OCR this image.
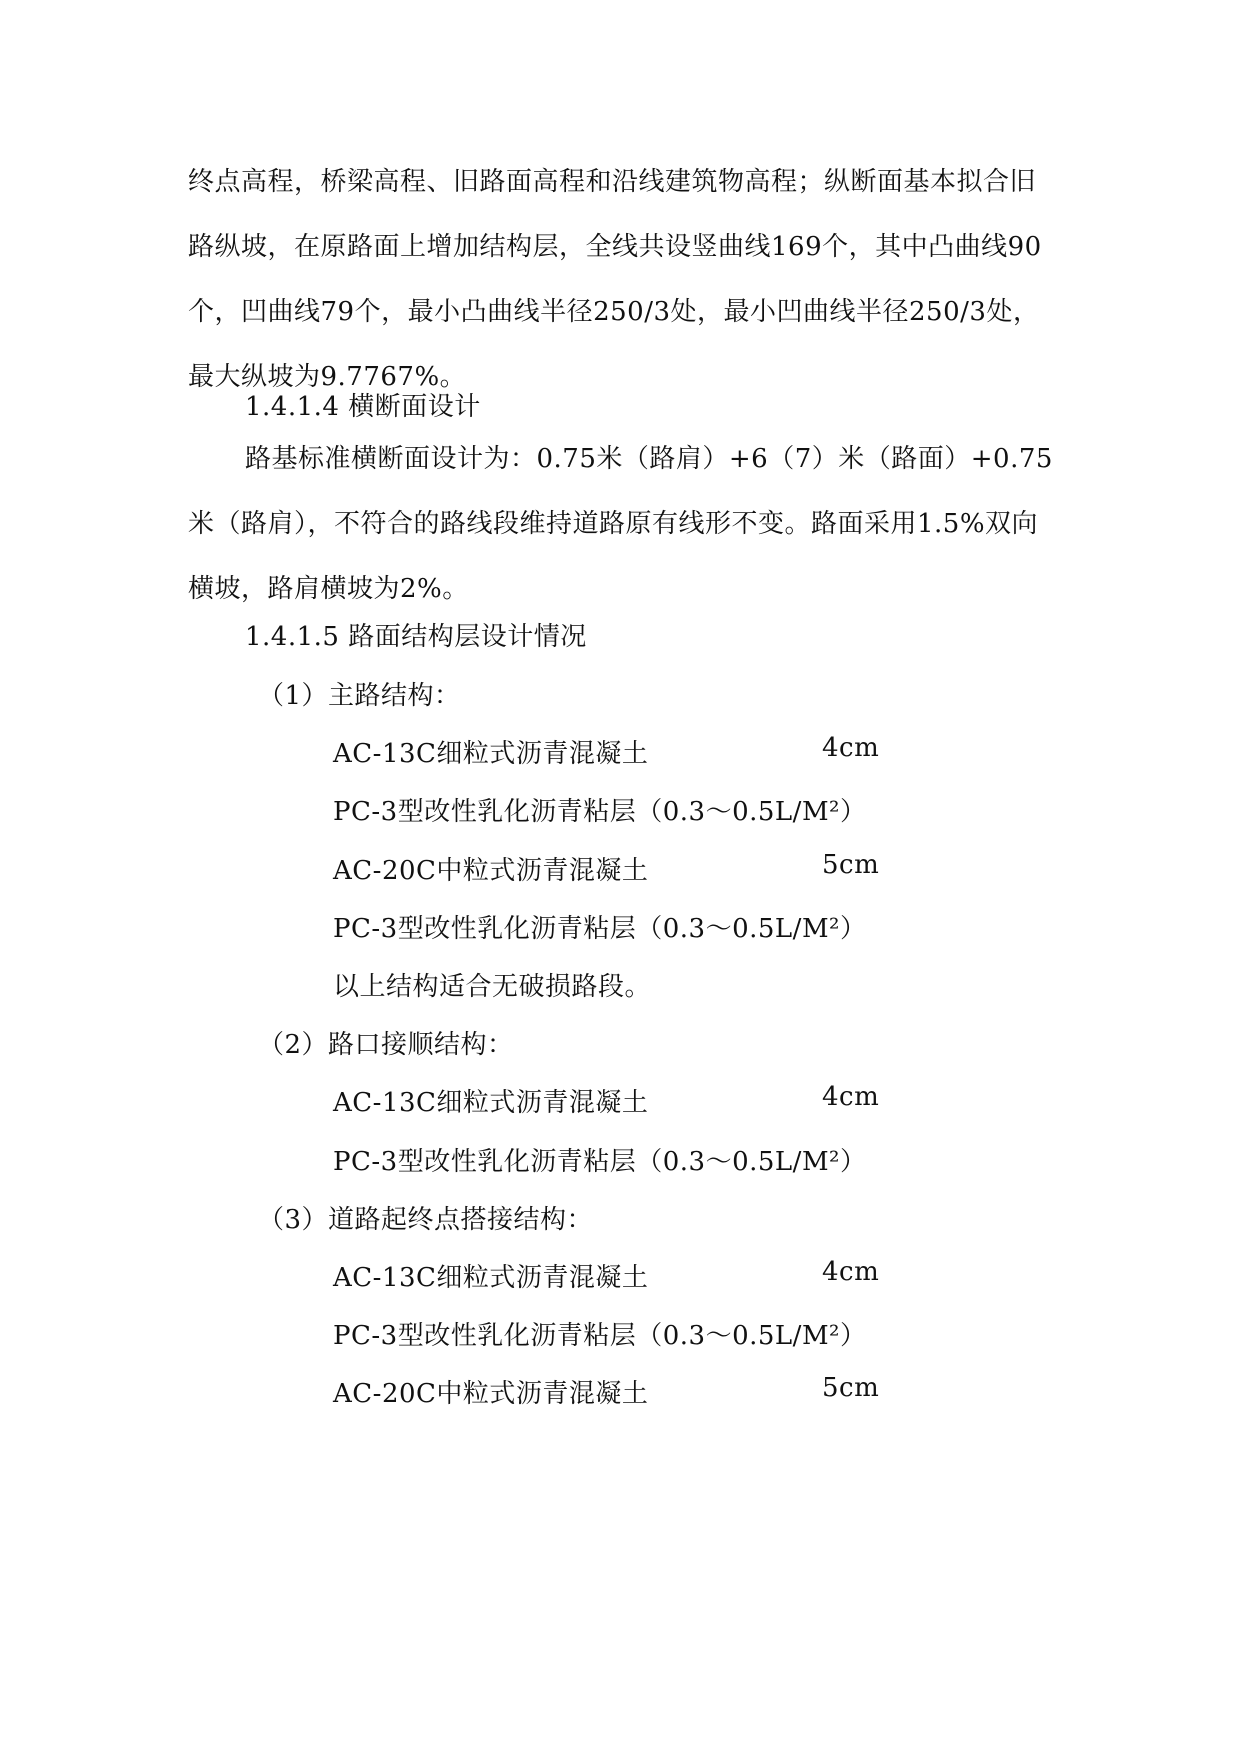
终点高程，桥梁高程、旧路面高程和沿线建筑物高程；纵断面基本拟合旧路纵坡，在原路面上增加结构层，全线共设竖曲线169个，其中凸曲线90个，凹曲线79个，最小凸曲线半径250/3处，最小凹曲线半径250/3处，最大纵坡为9.7767%。
1.4.1.4 横断面设计
路基标准横断面设计为：0.75米（路肩）+6（7）米（路面）+0.75米（路肩），不符合的路线段维持道路原有线形不变。路面采用1.5%双向横坡，路肩横坡为2%。
1.4.1.5 路面结构层设计情况
（1）主路结构：
AC-13C细粒式沥青混凝土	4cm
PC-3型改性乳化沥青粘层（0.3～0.5L/M²）
AC-20C中粒式沥青混凝土	5cm
PC-3型改性乳化沥青粘层（0.3～0.5L/M²）
以上结构适合无破损路段。
（2）路口接顺结构：
AC-13C细粒式沥青混凝土	4cm
PC-3型改性乳化沥青粘层（0.3～0.5L/M²）
（3）道路起终点搭接结构：
AC-13C细粒式沥青混凝土	4cm
PC-3型改性乳化沥青粘层（0.3～0.5L/M²）
AC-20C中粒式沥青混凝土	5cm
